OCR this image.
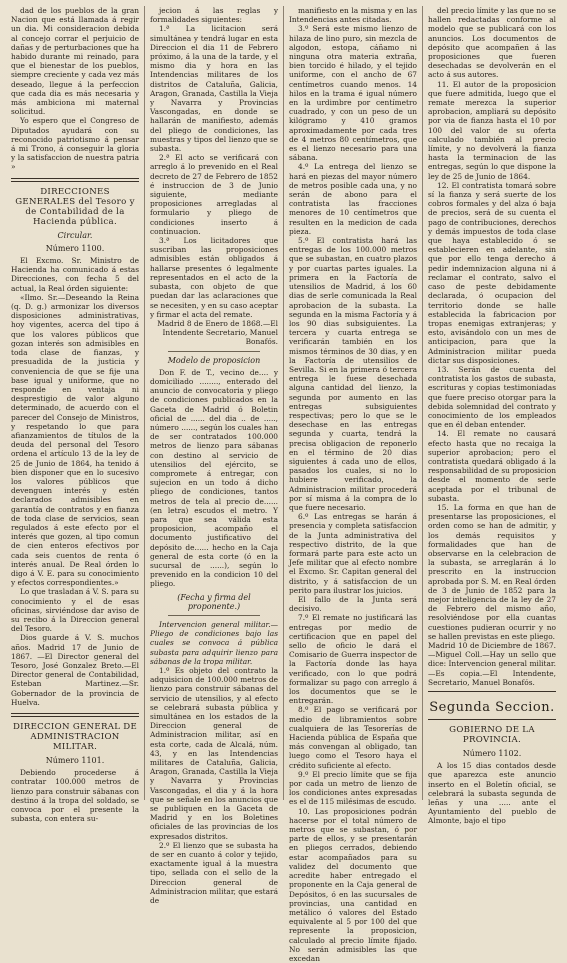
dad de los pueblos de la gran Nacion que está llamada á regir un dia. Mi consideracion debida al concejo corrar el perjuicio de dañas y de perturbaciones que ha habido durante mi reinado, para que el bienestar de los pueblos, siempre creciente y cada vez más deseado, llegue á la perfeccion que cada dia es más necesaria y más ambiciona mi maternal solicitud.

Yo espero que el Congreso de Diputados ayudará con su reconocido patriotismo á pensar á mi Trono, á conseguir la gloria y la satisfaccion de nuestra patria »

DIRECCIONES GENERALES del Tesoro y de Contabilidad de la Hacienda pública.
Circular.
Número 1100.

El Excmo. Sr. Ministro de Hacienda ha comunicado á estas Direcciones, con fecha 5 del actual, la Real órden siguiente:

«Ilmo. Sr.—Deseando la Reina (q. D. g.) armonizar los diversos disposiciones administrativas, hoy vigentes, acerca del tipo á que los valores públicos que gozan interés son admisibles en toda clase de fianzas, y presuadida de la justicia y conveniencia de que se fije una base igual y uniforme, que no responde en ventaja ni desprestigio de valor alguno determinado, de acuerdo con el parecer del Consejo de Ministros, y respetando lo que para afianzamientos de títulos de la deuda del personal del Tesoro ordena el artículo 13 de la ley de 25 de Junio de 1864, ha tenido á bien disponer que en lo sucesivo los valores públicos que devenguen interés y estén declarados admisibles en garantía de contratos y en fianza de toda clase de servicios, sean regulados á este efecto por el interés que gozen, al tipo comun de cien enteros efectivos por cada seis cuentos de renta ó interés anual. De Real órden lo digo á V. E. para su conocimiento y efectos correspondientes.»

Lo que trasladan á V. S. para su conocimiento y el de esas oficinas, sirviéndose dar aviso de su recibo á la Direccion general del Tesoro.

Dios guarde á V. S. muchos años. Madrid 17 de Junio de 1867. —El Director general del Tesoro, José Gonzalez Breto.—El Director general de Contabilidad, Esteban Martinez.—Sr. Gobernador de la provincia de Huelva.

DIRECCION GENERAL DE ADMINISTRACION MILITAR.
Número 1101.

Debiendo procederse á contratar 100.000 metros de lienzo para construir sábanas con destino á la tropa del soldado, se convoca por el presente la subasta, con entera su-

jecion á las reglas y formalidades siguientes:

1.ª La licitacion será simultánea y tendrá lugar en esta Direccion el dia 11 de Febrero próximo, á la una de la tarde, y el mismo dia y hora en las Intendencias militares de los distritos de Cataluña, Galicia, Aragon, Granada, Castilla la Vieja y Navarra y Provincias Vascongadas, en donde se hallarán de manifiesto, además del pliego de condiciones, las muestras y tipos del lienzo que se subasta.

2.ª El acto se verificará con arreglo á lo prevenido en el Real decreto de 27 de Febrero de 1852 é instruccion de 3 de Junio siguiente, mediante proposiciones arregladas al formulario y pliego de condiciones inserto á continuacion.

3.ª Los licitadores que suscriban las proposiciones admisibles están obligados á hallarse presentes ó legalmente representados en el acto de la subasta, con objeto de que puedan dar las aclaraciones que se necesiten, y en su caso aceptar y firmar el acta del remate.

Madrid 8 de Enero de 1868.—El Intendente Secretario, Manuel Bonafós.

Modelo de proposicion

Don F. de T., vecino de.... y domiciliado ........, enterado del anuncio de convocatoria y pliego de condiciones publicados en la Gaceta de Madrid ó Boletin oficial de ...... del dia .. de ....., número ......, según los cuales han de ser contratados 100.000 metros de lienzo para sábanas con destino al servicio de utensilios del ejército, se compromete á entregar, con sujecion en un todo á dicho pliego de condiciones, tantos metros de tela al precio de...... (en letra) escudos el metro. Y para que sea válida esta proposicion, acompaño el documento justificativo del depósito de...... hecho en la Caja general de esta corte (ó en la sucursal de ......), según lo prevenido en la condicion 10 del pliego.

(Fecha y firma del proponente.)

Intervencion general militar.—Pliego de condiciones bajo las cuales se convoca á pública subasta para adquirir lienzo para sábanas de la tropa militar.

1.º Es objeto del contrato la adquisicion de 100.000 metros de lienzo para construir sábanas del servicio de utensilios, y al efecto se celebrará subasta pública y simultánea en los estados de la Direccion general de Administracion militar, así en esta corte, cada de Alcalá, núm. 43, y en las Intendencias militares de Cataluña, Galicia, Aragon, Granada, Castilla la Vieja y Navarra y Provincias Vascongadas, el dia y á la hora que se señale en los anuncios que se publiquen en la Gaceta de Madrid y en los Boletines oficiales de las provincias de los expresados distritos.

2.º El lienzo que se subasta ha de ser en cuanto á color y tejido, exactamente igual á la muestra tipo, sellada con el sello de la Direccion general de Administracion militar, que estará de

manifiesto en la misma y en las Intendencias antes citadas.

3.º Será este mismo lienzo de hilaza de lino puro, sin mezcla de algodon, estopa, cáñamo ni ninguna otra materia extraña, bien torcido é hilado, y el tejido uniforme, con el ancho de 67 centímetros cuando menos. 14 hilos en la trama é igual número en la urdimbre por centímetro cuadrado, y con un peso de un kilógramo y 410 gramos aproximadamente por cada tres de 4 metros 80 centímetros, que es el lienzo necesario para una sábana.

4.º La entrega del lienzo se hará en piezas del mayor número de metros posible cada una, y no serán de abono para el contratista las fracciones menores de 10 centímetros que resulten en la medicion de cada pieza.

5.º El contratista hará las entregas de los 100.000 metros que se subastan, en cuatro plazos y por cuartas partes iguales. La primera en la Factoría de utensilios de Madrid, á los 60 dias de serle comunicada la Real aprobacion de la subasta. La segunda en la misma Factoría y á los 90 dias subsiguientes. La tercera y cuarta entrega se verificarán también en los mismos términos de 30 dias, y en la Factoría de utensilios de Sevilla. Si en la primera ó tercera entrega le fuese desechada alguna cantidad del lienzo, la segunda por aumento en las entregas subsiguientes respectivas; pero lo que se le desechase en las entregas segunda y cuarta, tendrá la precisa obligacion de reponerlo en el término de 20 dias siguientes á cada uno de ellos, pasados los cuales, si no lo hubiere verificado, la Administracion militar procederá por sí misma á la compra de lo que fuere necesario.

6.º Las entregas se harán á presencia y completa satisfaccion de la Junta administrativa del respectivo distrito, de la que formará parte para este acto un Jefe militar que al efecto nombre el Excmo. Sr. Capitan general del distrito, y á satisfaccion de un perito para ilustrar los juicios.

El fallo de la Junta será decisivo.

7.º El remate no justificará las entregas por medio de certificacion que en papel del sello de oficio le dará el Comisario de Guerra inspector de la Factoría donde las haya verificado, con lo que podrá formalizar su pago con arreglo á los documentos que se le entregarán.

8.º El pago se verificará por medio de libramientos sobre cualquiera de las Tesorerías de Hacienda pública de España que más convengan al obligado, tan luego como el Tesoro haya el crédito suficiente al efecto.

9.º El precio límite que se fija por cada un metro de lienzo de los condiciones antes expresadas es el de 115 milésimas de escudo.

10. Las proposiciones podrán hacerse por el total número de metros que se subastan, ó por parte de ellos, y se presentarán en pliegos cerrados, debiendo estar acompañados para su validez del documento que acredite haber entregado el proponente en la Caja general de Depósitos, ó en las sucursales de provincias, una cantidad en metálico ó valores del Estado equivalente al 5 por 100 del que represente la proposicion, calculado al precio límite fijado. No serán admisibles las que excedan

del precio límite y las que no se hallen redactadas conforme al modelo que se publicará con los anuncios. Los documentos de depósito que acompañen á las proposiciones que fueren desechadas se devolverán en el acto á sus autores.

11. El autor de la proposicion que fuere admitida, luego que el remate merezca la superior aprobacion, ampliará su depósito por via de fianza hasta el 10 por 100 del valor de su oferta calculado también al precio límite, y no devolverá la fianza hasta la terminacion de las entregas, según lo que dispone la ley de 25 de Junio de 1864.

12. El contratista tomará sobre sí la fianza y será suerte de los cobros formales y del alza ó baja de precios, será de su cuenta el pago de contribuciones, derechos y demás impuestos de toda clase que haya establecido ó se establecieren en adelante, sin que por ello tenga derecho á pedir indemnizacion alguna ni á reclamar el contrato, salvo el caso de peste debidamente declarada, ó ocupacion del territorio donde se halle establecida la fabricacion por tropas enemigas extranjeras; y esto, avisándolo con un mes de anticipacion, para que la Administracion militar pueda dictar sus disposiciones.

13. Serán de cuenta del contratista los gastos de subasta, escrituras y copias testimoniadas que fuere preciso otorgar para la debida solemnidad del contrato y conocimiento de los empleados que en él deban entender.

14. El remate no causará efecto hasta que no recaiga la superior aprobacion; pero el contratista quedará obligado á la responsabilidad de su proposicion desde el momento de serle aceptada por el tribunal de subasta.

15. La forma en que han de presentarse las proposiciones, el orden como se han de admitir, y los demás requisitos y formalidades que han de observarse en la celebracion de la subasta, se arreglarán á lo prescrito en la instruccion aprobada por S. M. en Real órden de 3 de Junio de 1852 para la mejor inteligencia de la ley de 27 de Febrero del mismo año, resolviéndose por ella cuantas cuestiones pudieran ocurrir y no se hallen previstas en este pliego.

Madrid 10 de Diciembre de 1867. —Miguel Coll.—Hay un sello que dice: Intervencion general militar. —Es copia.—El Intendente, Secretario, Manuel Bonafós.

Segunda Seccion.
GOBIERNO DE LA PROVINCIA.
Número 1102.

A los 15 dias contados desde que aparezca este anuncio inserto en el Boletín oficial, se celebrará la subasta segunda de leñas y una ..... ante el Ayuntamiento del pueblo de Almonte, bajo el tipo
